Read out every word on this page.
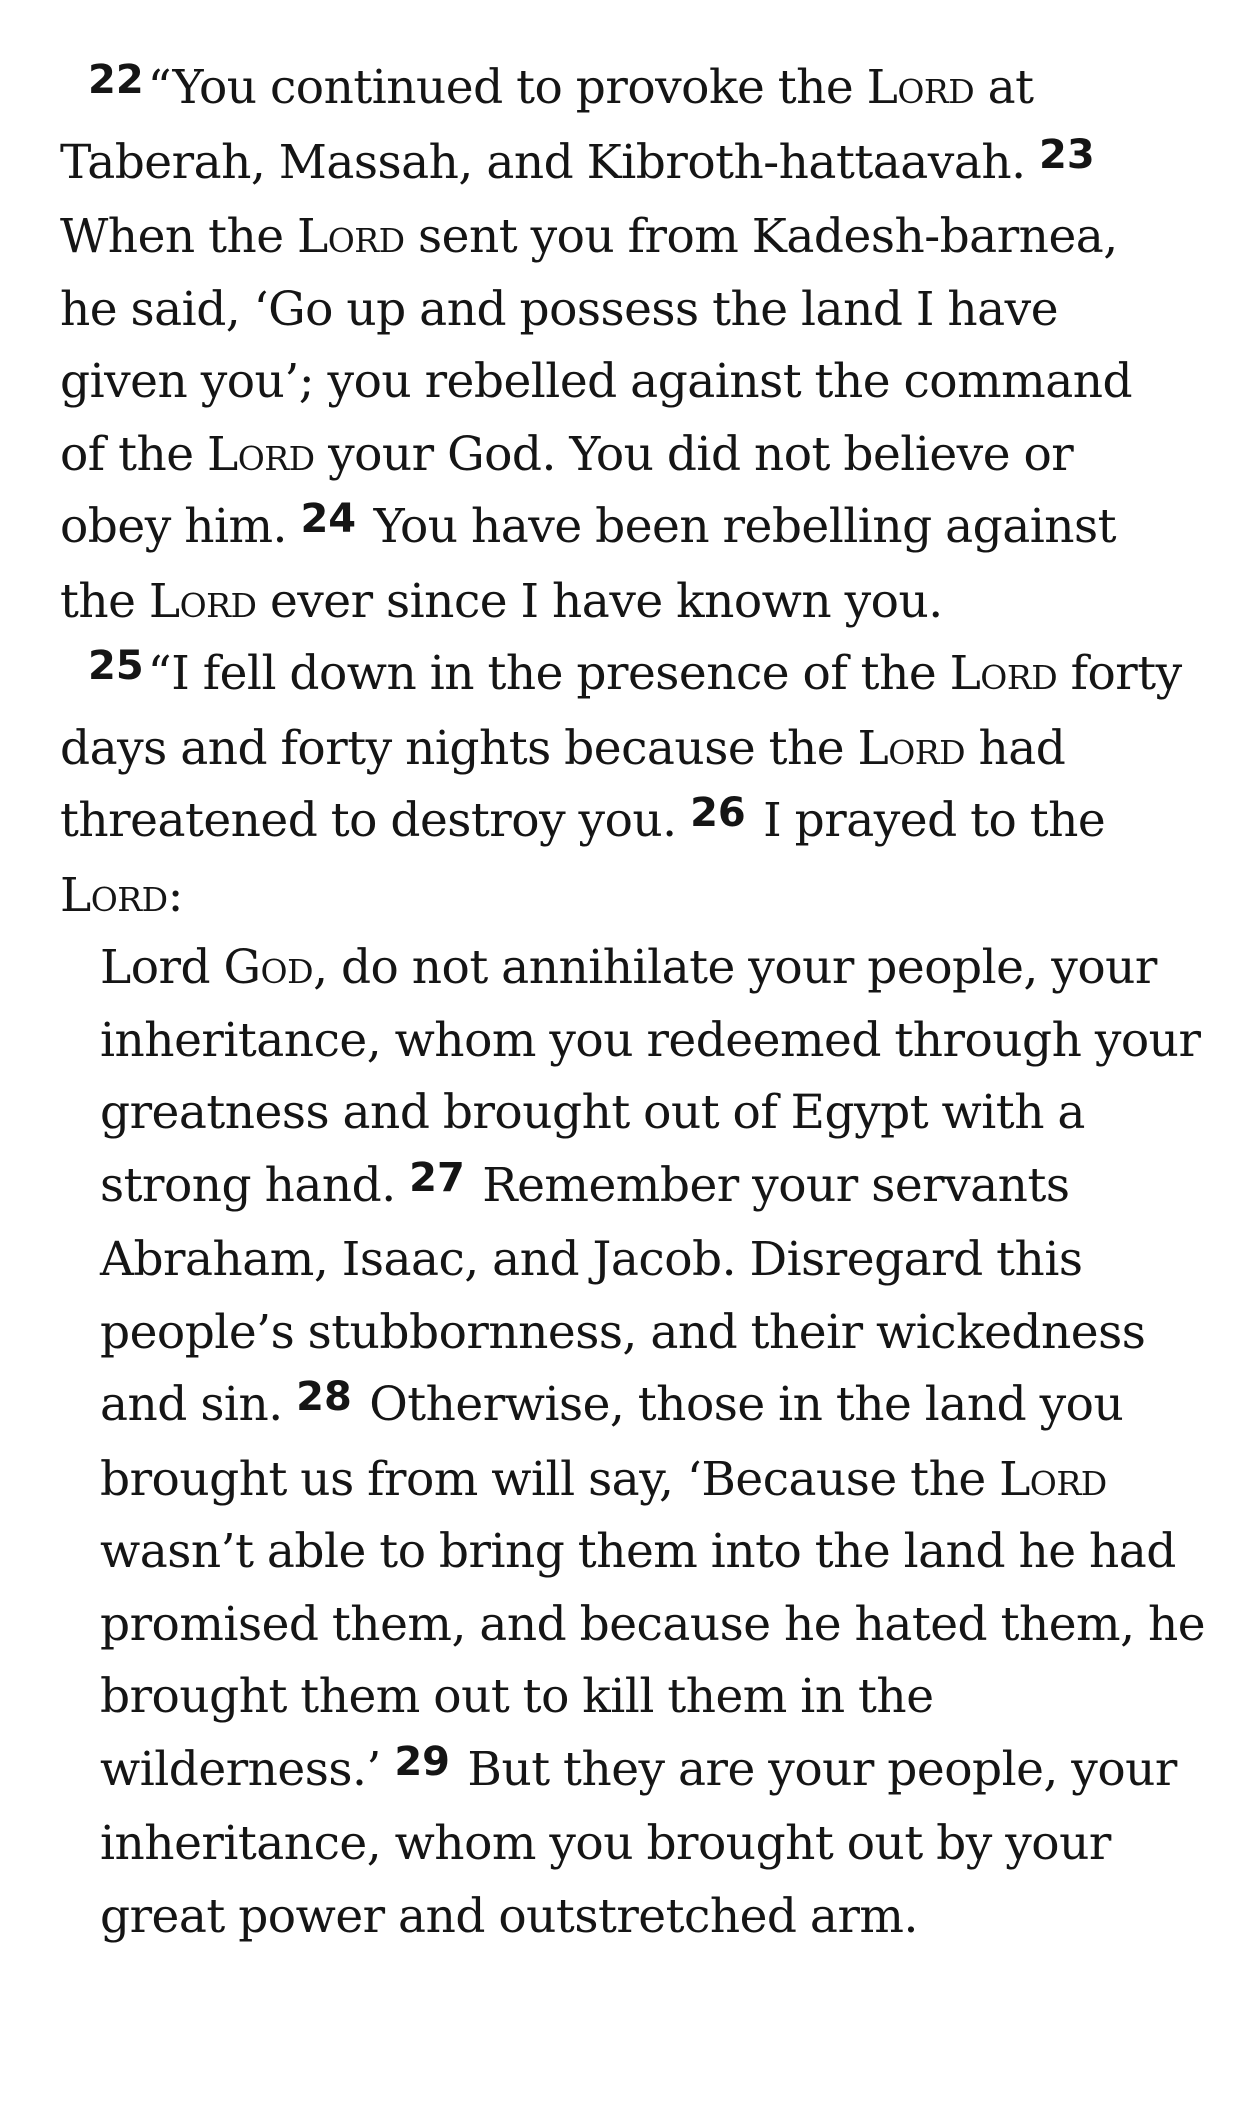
22“You continued to provoke the Lord at Taberah, Massah, and Kibroth-hattaavah. 23 When the Lord sent you from Kadesh-barnea, he said, ‘Go up and possess the land I have given you’; you rebelled against the command of the Lord your God. You did not believe or obey him. 24 You have been rebelling against the Lord ever since I have known you.

25“I fell down in the presence of the Lord forty days and forty nights because the Lord had threatened to destroy you. 26 I prayed to the Lord:

Lord God, do not annihilate your people, your inheritance, whom you redeemed through your greatness and brought out of Egypt with a strong hand. 27 Remember your servants Abraham, Isaac, and Jacob. Disregard this people’s stubbornness, and their wickedness and sin. 28 Otherwise, those in the land you brought us from will say, ‘Because the Lord wasn’t able to bring them into the land he had promised them, and because he hated them, he brought them out to kill them in the wilderness.’ 29 But they are your people, your inheritance, whom you brought out by your great power and outstretched arm.
